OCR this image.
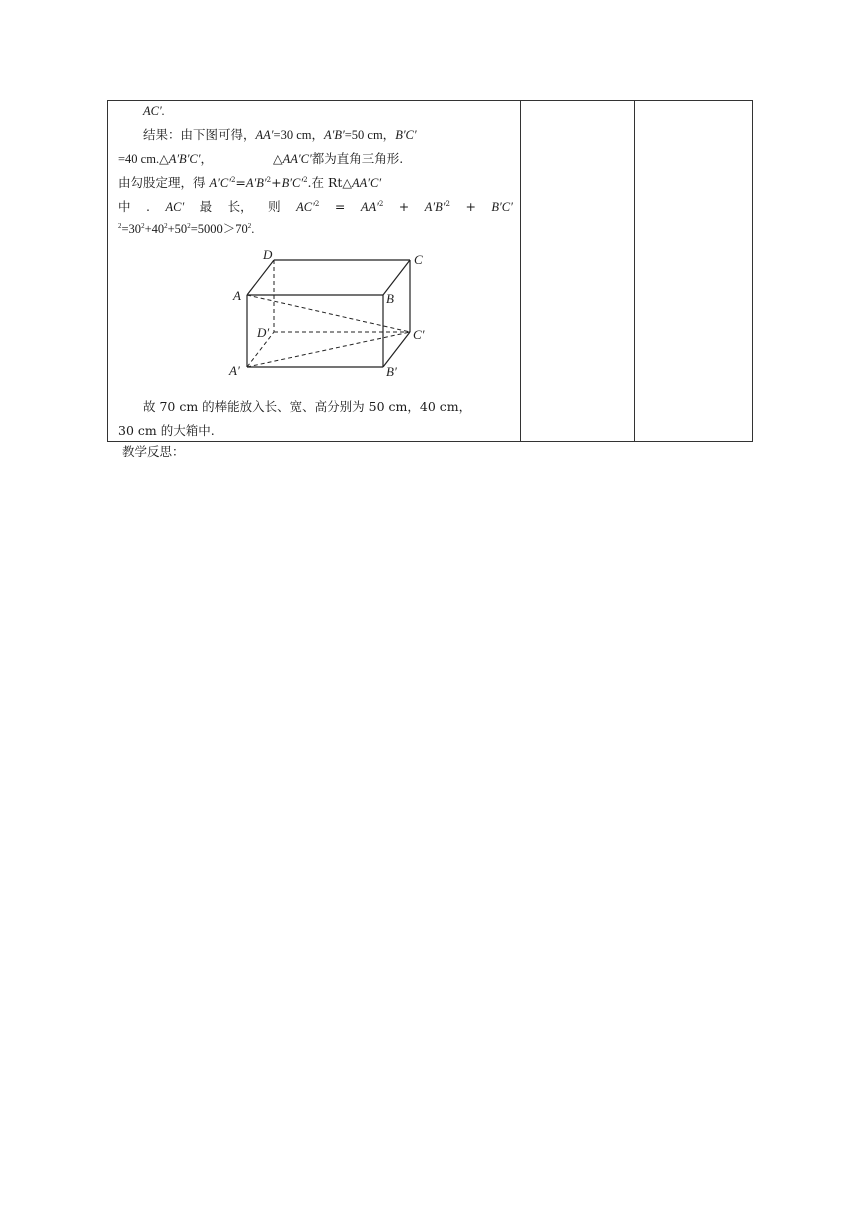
AC′.
结果：由下图可得，AA′=30 cm，A′B′=50 cm，B′C′
=40 cm.△A′B′C′，	△AA′C′都为直角三角形.
由勾股定理，得 $A'C'^2=A'B'^2+B'C'^2$.在 Rt△AA′C′
中 . AC′ 最 长， 则 $AC'^2 = AA'^2 + A'B'^2 + B'C'$
$^2=30^2+40^2+50^2=5000>70^2$.
D	C
A	B
D′	C′
A′	B′
故 70 cm 的棒能放入长、宽、高分别为 50 cm，40 cm，
30 cm 的大箱中.

教学反思：
